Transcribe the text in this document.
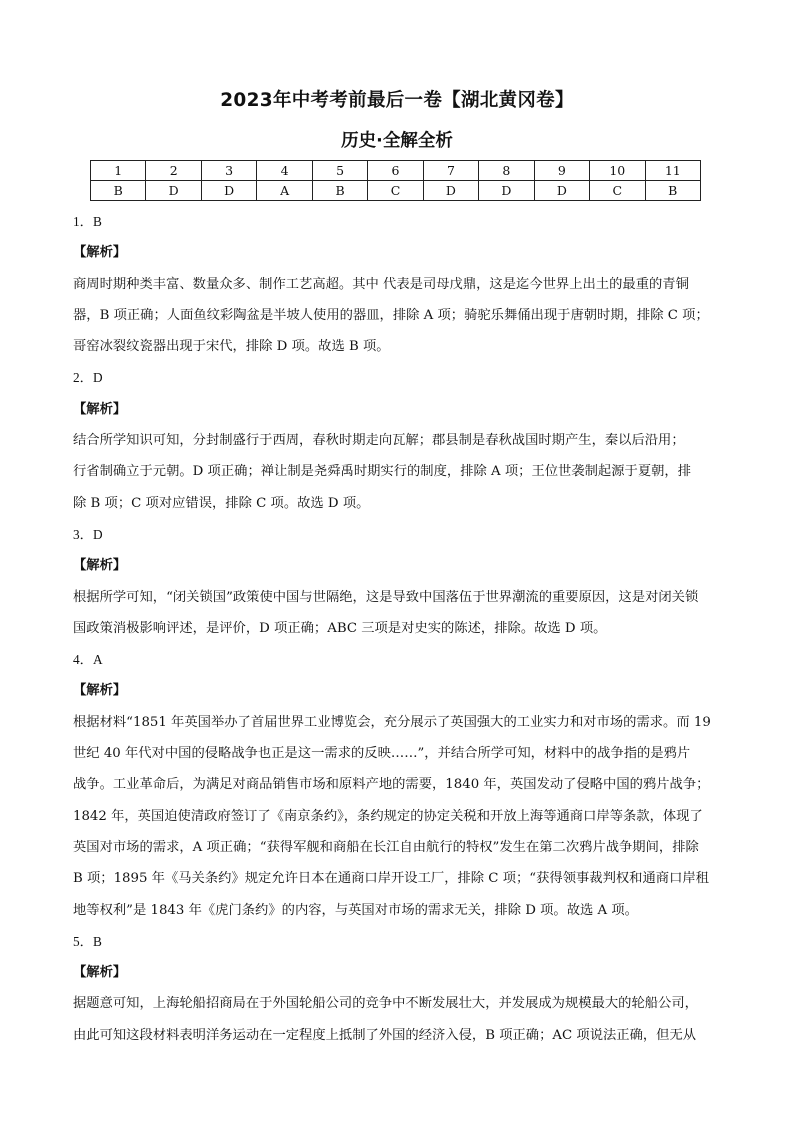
2023年中考考前最后一卷【湖北黄冈卷】
历史·全解全析
1	2	3	4	5	6	7	8	9	10	11
B	D	D	A	B	C	D	D	D	C	B
1．B
【解析】
商周时期种类丰富、数量众多、制作工艺高超。其中 代表是司母戊鼎，这是迄今世界上出土的最重的青铜
器，B 项正确；人面鱼纹彩陶盆是半坡人使用的器皿，排除 A 项；骑驼乐舞俑出现于唐朝时期，排除 C 项；
哥窑冰裂纹瓷器出现于宋代，排除 D 项。故选 B 项。
2．D
【解析】
结合所学知识可知，分封制盛行于西周，春秋时期走向瓦解；郡县制是春秋战国时期产生，秦以后沿用；
行省制确立于元朝。D 项正确；禅让制是尧舜禹时期实行的制度，排除 A 项；王位世袭制起源于夏朝，排
除 B 项；C 项对应错误，排除 C 项。故选 D 项。
3．D
【解析】
根据所学可知，“闭关锁国”政策使中国与世隔绝，这是导致中国落伍于世界潮流的重要原因，这是对闭关锁
国政策消极影响评述，是评价，D 项正确；ABC 三项是对史实的陈述，排除。故选 D 项。
4．A
【解析】
根据材料“1851 年英国举办了首届世界工业博览会，充分展示了英国强大的工业实力和对市场的需求。而 19
世纪 40 年代对中国的侵略战争也正是这一需求的反映……”，并结合所学可知，材料中的战争指的是鸦片
战争。工业革命后，为满足对商品销售市场和原料产地的需要，1840 年，英国发动了侵略中国的鸦片战争；
1842 年，英国迫使清政府签订了《南京条约》，条约规定的协定关税和开放上海等通商口岸等条款，体现了
英国对市场的需求，A 项正确；“获得军舰和商船在长江自由航行的特权”发生在第二次鸦片战争期间，排除
B 项；1895 年《马关条约》规定允许日本在通商口岸开设工厂，排除 C 项；“获得领事裁判权和通商口岸租
地等权利”是 1843 年《虎门条约》的内容，与英国对市场的需求无关，排除 D 项。故选 A 项。
5．B
【解析】
据题意可知，上海轮船招商局在于外国轮船公司的竞争中不断发展壮大，并发展成为规模最大的轮船公司，
由此可知这段材料表明洋务运动在一定程度上抵制了外国的经济入侵，B 项正确；AC 项说法正确，但无从
